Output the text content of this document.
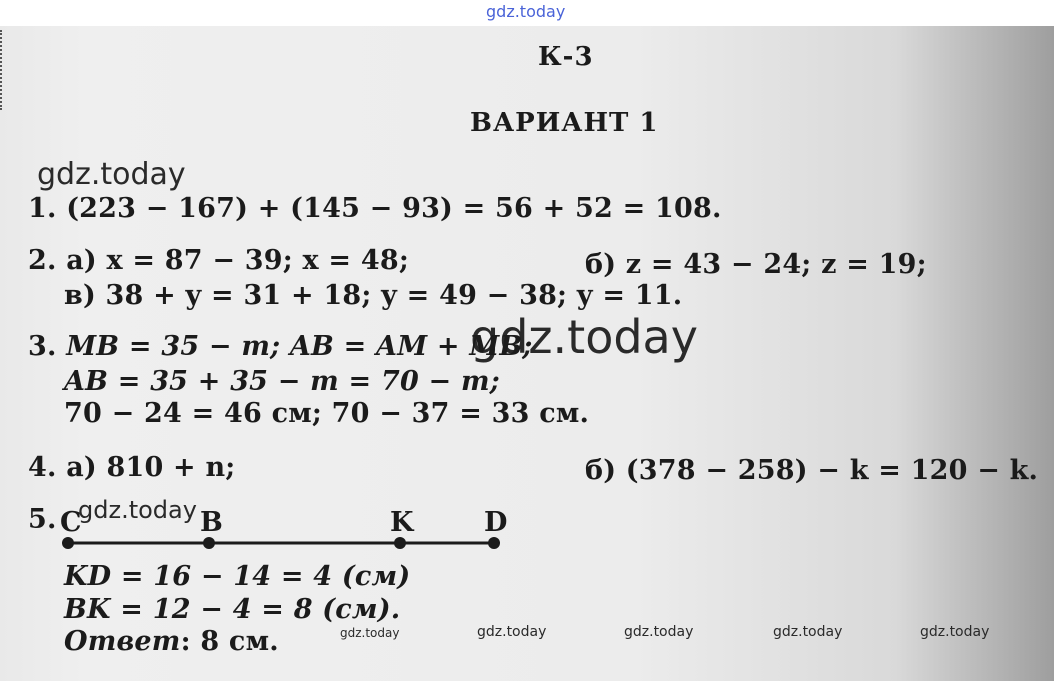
gdz.today
gdz.today
gdz.today
gdz.today
gdz.today	gdz.today	gdz.today	gdz.today	gdz.today
К-3
ВАРИАНТ 1
1. (223 − 167) + (145 − 93) = 56 + 52 = 108.
2. а) x = 87 − 39; x = 48;	б) z = 43 − 24; z = 19;
в) 38 + y = 31 + 18; y = 49 − 38; y = 11.
3. MB = 35 − m; AB = AM + MB;
AB = 35 + 35 − m = 70 − m;
70 − 24 = 46 см; 70 − 37 = 33 см.
4. а) 810 + n;	б) (378 − 258) − k = 120 − k.
5. C	B	K	D
KD = 16 − 14 = 4 (см)
BK = 12 − 4 = 8 (см).
Ответ: 8 см.
